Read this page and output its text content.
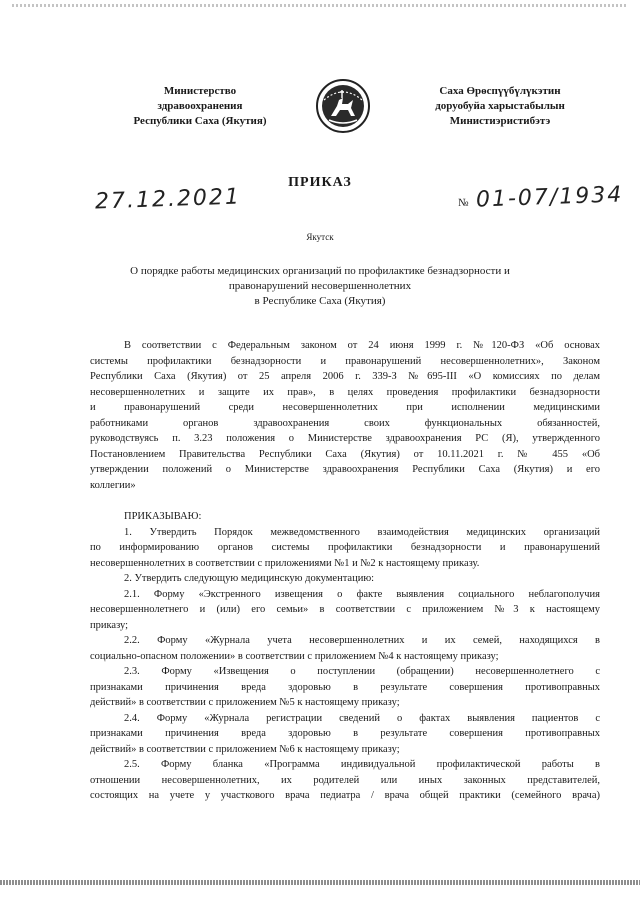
Министерство
здравоохранения
Республики Саха (Якутия)
Саха Өрөспүүбүлүкэтин
доруобуйа харыстабылын
Министиэристибэтэ
ПРИКАЗ
27.12.2021	№ 01-07/1934
Якутск
О порядке работы медицинских организаций по профилактике безнадзорности и
правонарушений несовершеннолетних
в Республике Саха (Якутия)
В соответствии с Федеральным законом от 24 июня 1999 г. №120-ФЗ «Об основах
системы профилактики безнадзорности и правонарушений несовершеннолетних», Законом
Республики Саха (Якутия) от 25 апреля 2006 г. 339-З №695-III «О комиссиях по делам
несовершеннолетних и защите их прав», в целях проведения профилактики безнадзорности
и правонарушений среди несовершеннолетних при исполнении медицинскими
работниками органов здравоохранения своих функциональных обязанностей,
руководствуясь п. 3.23 положения о Министерстве здравоохранения РС (Я), утвержденного
Постановлением Правительства Республики Саха (Якутия) от 10.11.2021 г. № 455 «Об
утверждении положений о Министерстве здравоохранения Республики Саха (Якутия) и его
коллегии»
ПРИКАЗЫВАЮ:
1. Утвердить Порядок межведомственного взаимодействия медицинских организаций
по информированию органов системы профилактики безнадзорности и правонарушений
несовершеннолетних в соответствии с приложениями №1 и №2 к настоящему приказу.
2. Утвердить следующую медицинскую документацию:
2.1. Форму «Экстренного извещения о факте выявления социального неблагополучия
несовершеннолетнего и (или) его семьи» в соответствии с приложением №3 к настоящему
приказу;
2.2. Форму «Журнала учета несовершеннолетних и их семей, находящихся в
социально-опасном положении» в соответствии с приложением №4 к настоящему приказу;
2.3. Форму «Извещения о поступлении (обращении) несовершеннолетнего с
признаками причинения вреда здоровью в результате совершения противоправных
действий» в соответствии с приложением №5 к настоящему приказу;
2.4. Форму «Журнала регистрации сведений о фактах выявления пациентов с
признаками причинения вреда здоровью в результате совершения противоправных
действий» в соответствии с приложением №6 к настоящему приказу;
2.5. Форму бланка «Программа индивидуальной профилактической работы в
отношении несовершеннолетних, их родителей или иных законных представителей,
состоящих на учете у участкового врача педиатра / врача общей практики (семейного врача)
